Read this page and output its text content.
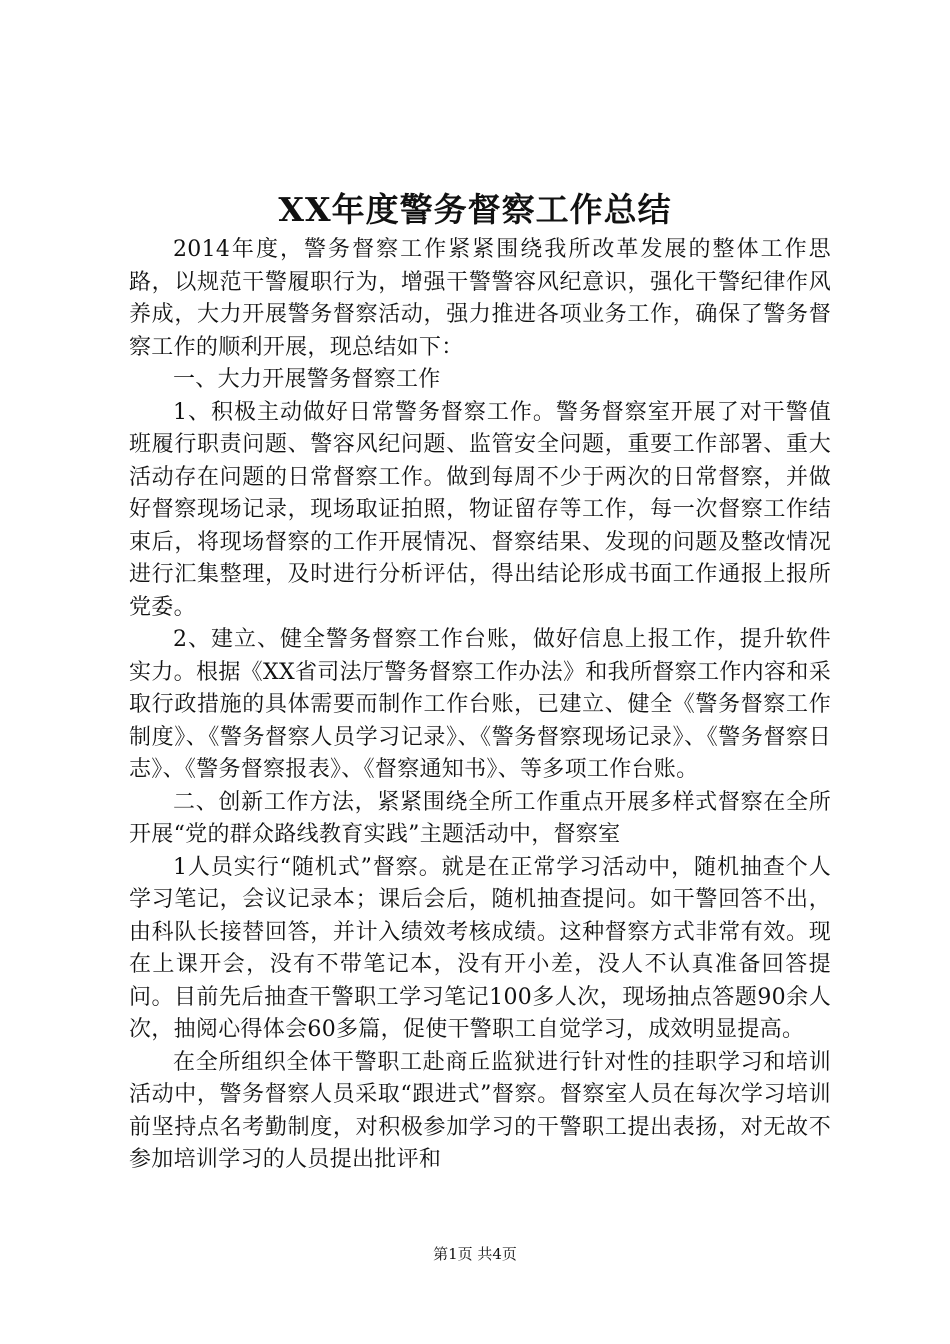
XX年度警务督察工作总结

2014年度，警务督察工作紧紧围绕我所改革发展的整体工作思路，以规范干警履职行为，增强干警警容风纪意识，强化干警纪律作风养成，大力开展警务督察活动，强力推进各项业务工作，确保了警务督察工作的顺利开展，现总结如下：

一、大力开展警务督察工作

1、积极主动做好日常警务督察工作。警务督察室开展了对干警值班履行职责问题、警容风纪问题、监管安全问题，重要工作部署、重大活动存在问题的日常督察工作。做到每周不少于两次的日常督察，并做好督察现场记录，现场取证拍照，物证留存等工作，每一次督察工作结束后，将现场督察的工作开展情况、督察结果、发现的问题及整改情况进行汇集整理，及时进行分析评估，得出结论形成书面工作通报上报所党委。

2、建立、健全警务督察工作台账，做好信息上报工作，提升软件实力。根据《XX省司法厅警务督察工作办法》和我所督察工作内容和采取行政措施的具体需要而制作工作台账，已建立、健全《警务督察工作制度》、《警务督察人员学习记录》、《警务督察现场记录》、《警务督察日志》、《警务督察报表》、《督察通知书》、等多项工作台账。

二、创新工作方法，紧紧围绕全所工作重点开展多样式督察在全所开展“党的群众路线教育实践”主题活动中，督察室

1人员实行“随机式”督察。就是在正常学习活动中，随机抽查个人学习笔记，会议记录本；课后会后，随机抽查提问。如干警回答不出，由科队长接替回答，并计入绩效考核成绩。这种督察方式非常有效。现在上课开会，没有不带笔记本，没有开小差，没人不认真准备回答提问。目前先后抽查干警职工学习笔记100多人次，现场抽点答题90余人次，抽阅心得体会60多篇，促使干警职工自觉学习，成效明显提高。

在全所组织全体干警职工赴商丘监狱进行针对性的挂职学习和培训活动中，警务督察人员采取“跟进式”督察。督察室人员在每次学习培训前坚持点名考勤制度，对积极参加学习的干警职工提出表扬，对无故不参加培训学习的人员提出批评和

第1页 共4页
